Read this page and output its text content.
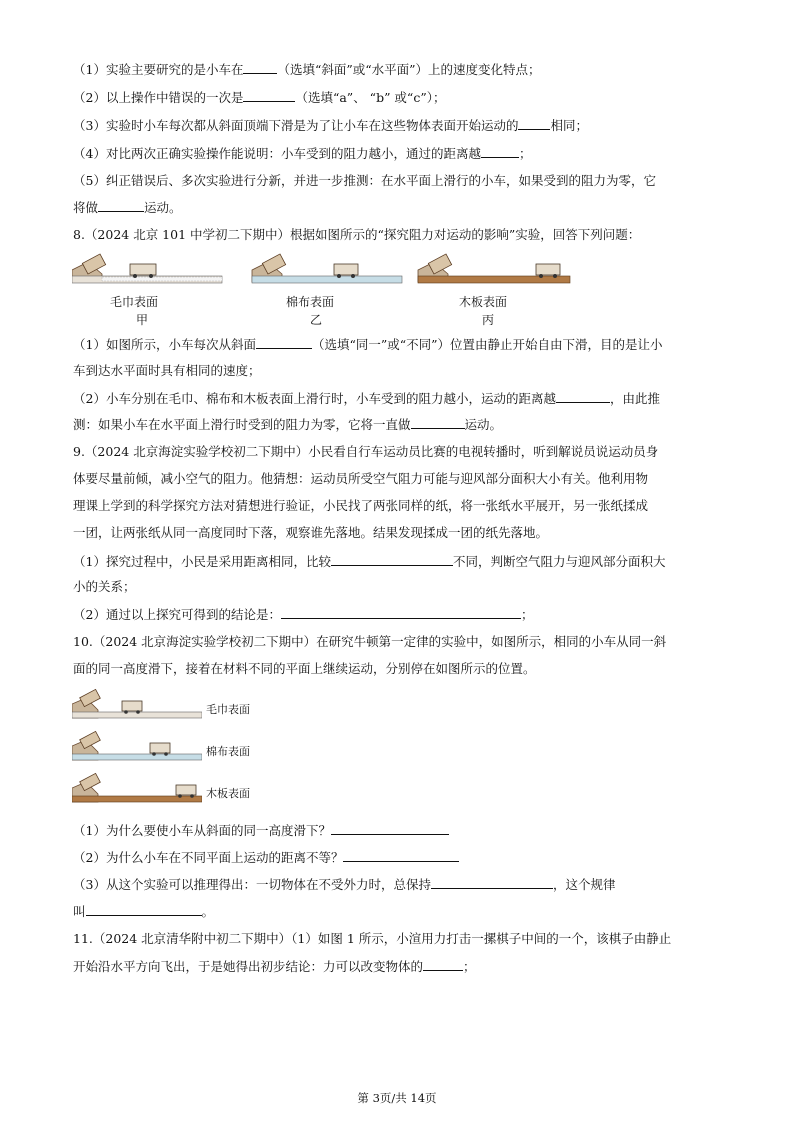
（1）实验主要研究的是小车在	（选填“斜面”或“水平面”）上的速度变化特点；
（2）以上操作中错误的一次是	（选填“a”、 “b” 或“c”）；
（3）实验时小车每次都从斜面顶端下滑是为了让小车在这些物体表面开始运动的	相同；
（4）对比两次正确实验操作能说明：小车受到的阻力越小，通过的距离越	；
（5）纠正错误后、多次实验进行分新，并进一步推测：在水平面上滑行的小车，如果受到的阻力为零，它
将做	运动。
8.（2024 北京 101 中学初二下期中）根据如图所示的“探究阻力对运动的影响”实验，回答下列问题：
毛巾表面
甲
棉布表面
乙
木板表面
丙
（1）如图所示，小车每次从斜面	（选填“同一”或“不同”）位置由静止开始自由下滑，目的是让小
车到达水平面时具有相同的速度；
（2）小车分别在毛巾、棉布和木板表面上滑行时，小车受到的阻力越小，运动的距离越	，由此推
测：如果小车在水平面上滑行时受到的阻力为零，它将一直做	运动。
9.（2024 北京海淀实验学校初二下期中）小民看自行车运动员比赛的电视转播时，听到解说员说运动员身
体要尽量前倾，减小空气的阻力。他猜想：运动员所受空气阻力可能与迎风部分面积大小有关。他利用物
理课上学到的科学探究方法对猜想进行验证，小民找了两张同样的纸，将一张纸水平展开，另一张纸揉成
一团，让两张纸从同一高度同时下落，观察谁先落地。结果发现揉成一团的纸先落地。
（1）探究过程中，小民是采用距离相同，比较	不同，判断空气阻力与迎风部分面积大
小的关系；
（2）通过以上探究可得到的结论是：	；
10.（2024 北京海淀实验学校初二下期中）在研究牛顿第一定律的实验中，如图所示，相同的小车从同一斜
面的同一高度滑下，接着在材料不同的平面上继续运动，分别停在如图所示的位置。
毛巾表面
棉布表面
木板表面
（1）为什么要使小车从斜面的同一高度滑下？
（2）为什么小车在不同平面上运动的距离不等？
（3）从这个实验可以推理得出：一切物体在不受外力时，总保持	，这个规律
叫	。
11.（2024 北京清华附中初二下期中）（1）如图 1 所示，小渲用力打击一摞棋子中间的一个，该棋子由静止
开始沿水平方向飞出，于是她得出初步结论：力可以改变物体的	；
第 3页/共 14页
